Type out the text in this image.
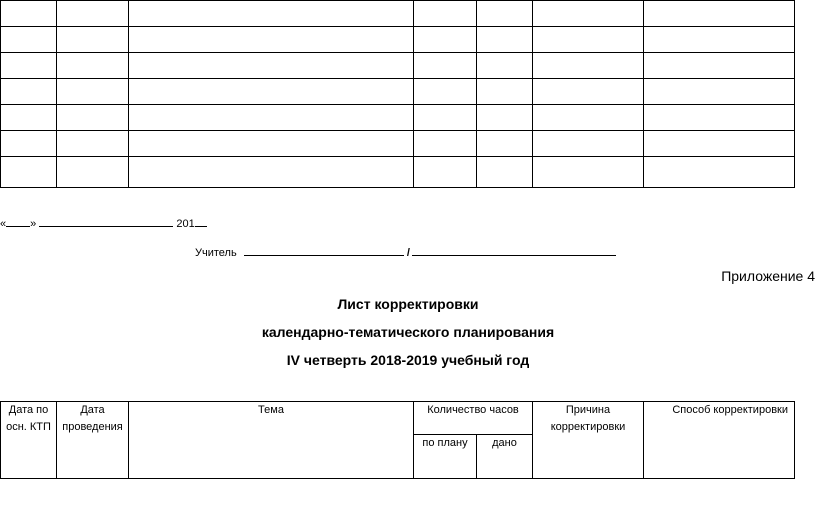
« »	201
Учитель	/
Приложение 4
Лист корректировки
календарно-тематического планирования
IV четверть 2018-2019 учебный год
Дата по осн. КТП	Дата проведения	Тема	Количество часов		Причина корректировки	Способ корректировки
			по плану	дано		
